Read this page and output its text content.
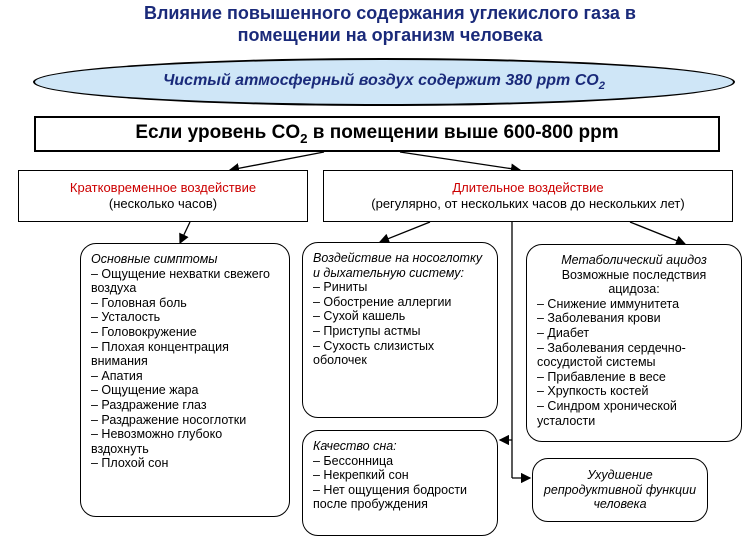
Влияние повышенного содержания углекислого газа в
помещении на организм человека
Чистый атмосферный воздух содержит 380 ppm $CO_2$
Если уровень $CO_2$ в помещении выше 600-800 ppm
Кратковременное воздействие
(несколько часов)
Длительное воздействие
(регулярно, от нескольких часов до нескольких лет)
Основные симптомы
– Ощущение нехватки свежего воздуха
– Головная боль
– Усталость
– Головокружение
– Плохая концентрация внимания
– Апатия
– Ощущение жара
– Раздражение глаз
– Раздражение носоглотки
– Невозможно глубоко вздохнуть
– Плохой сон
Воздействие на носоглотку и дыхательную систему:
– Риниты
– Обострение аллергии
– Сухой кашель
– Приступы астмы
– Сухость слизистых оболочек
Качество сна:
– Бессонница
– Некрепкий сон
– Нет ощущения бодрости после пробуждения
Метаболический ацидоз
Возможные последствия ацидоза:
– Снижение иммунитета
– Заболевания крови
– Диабет
– Заболевания сердечно-сосудистой системы
– Прибавление в весе
– Хрупкость костей
– Синдром хронической усталости
Ухудшение репродуктивной функции человека
